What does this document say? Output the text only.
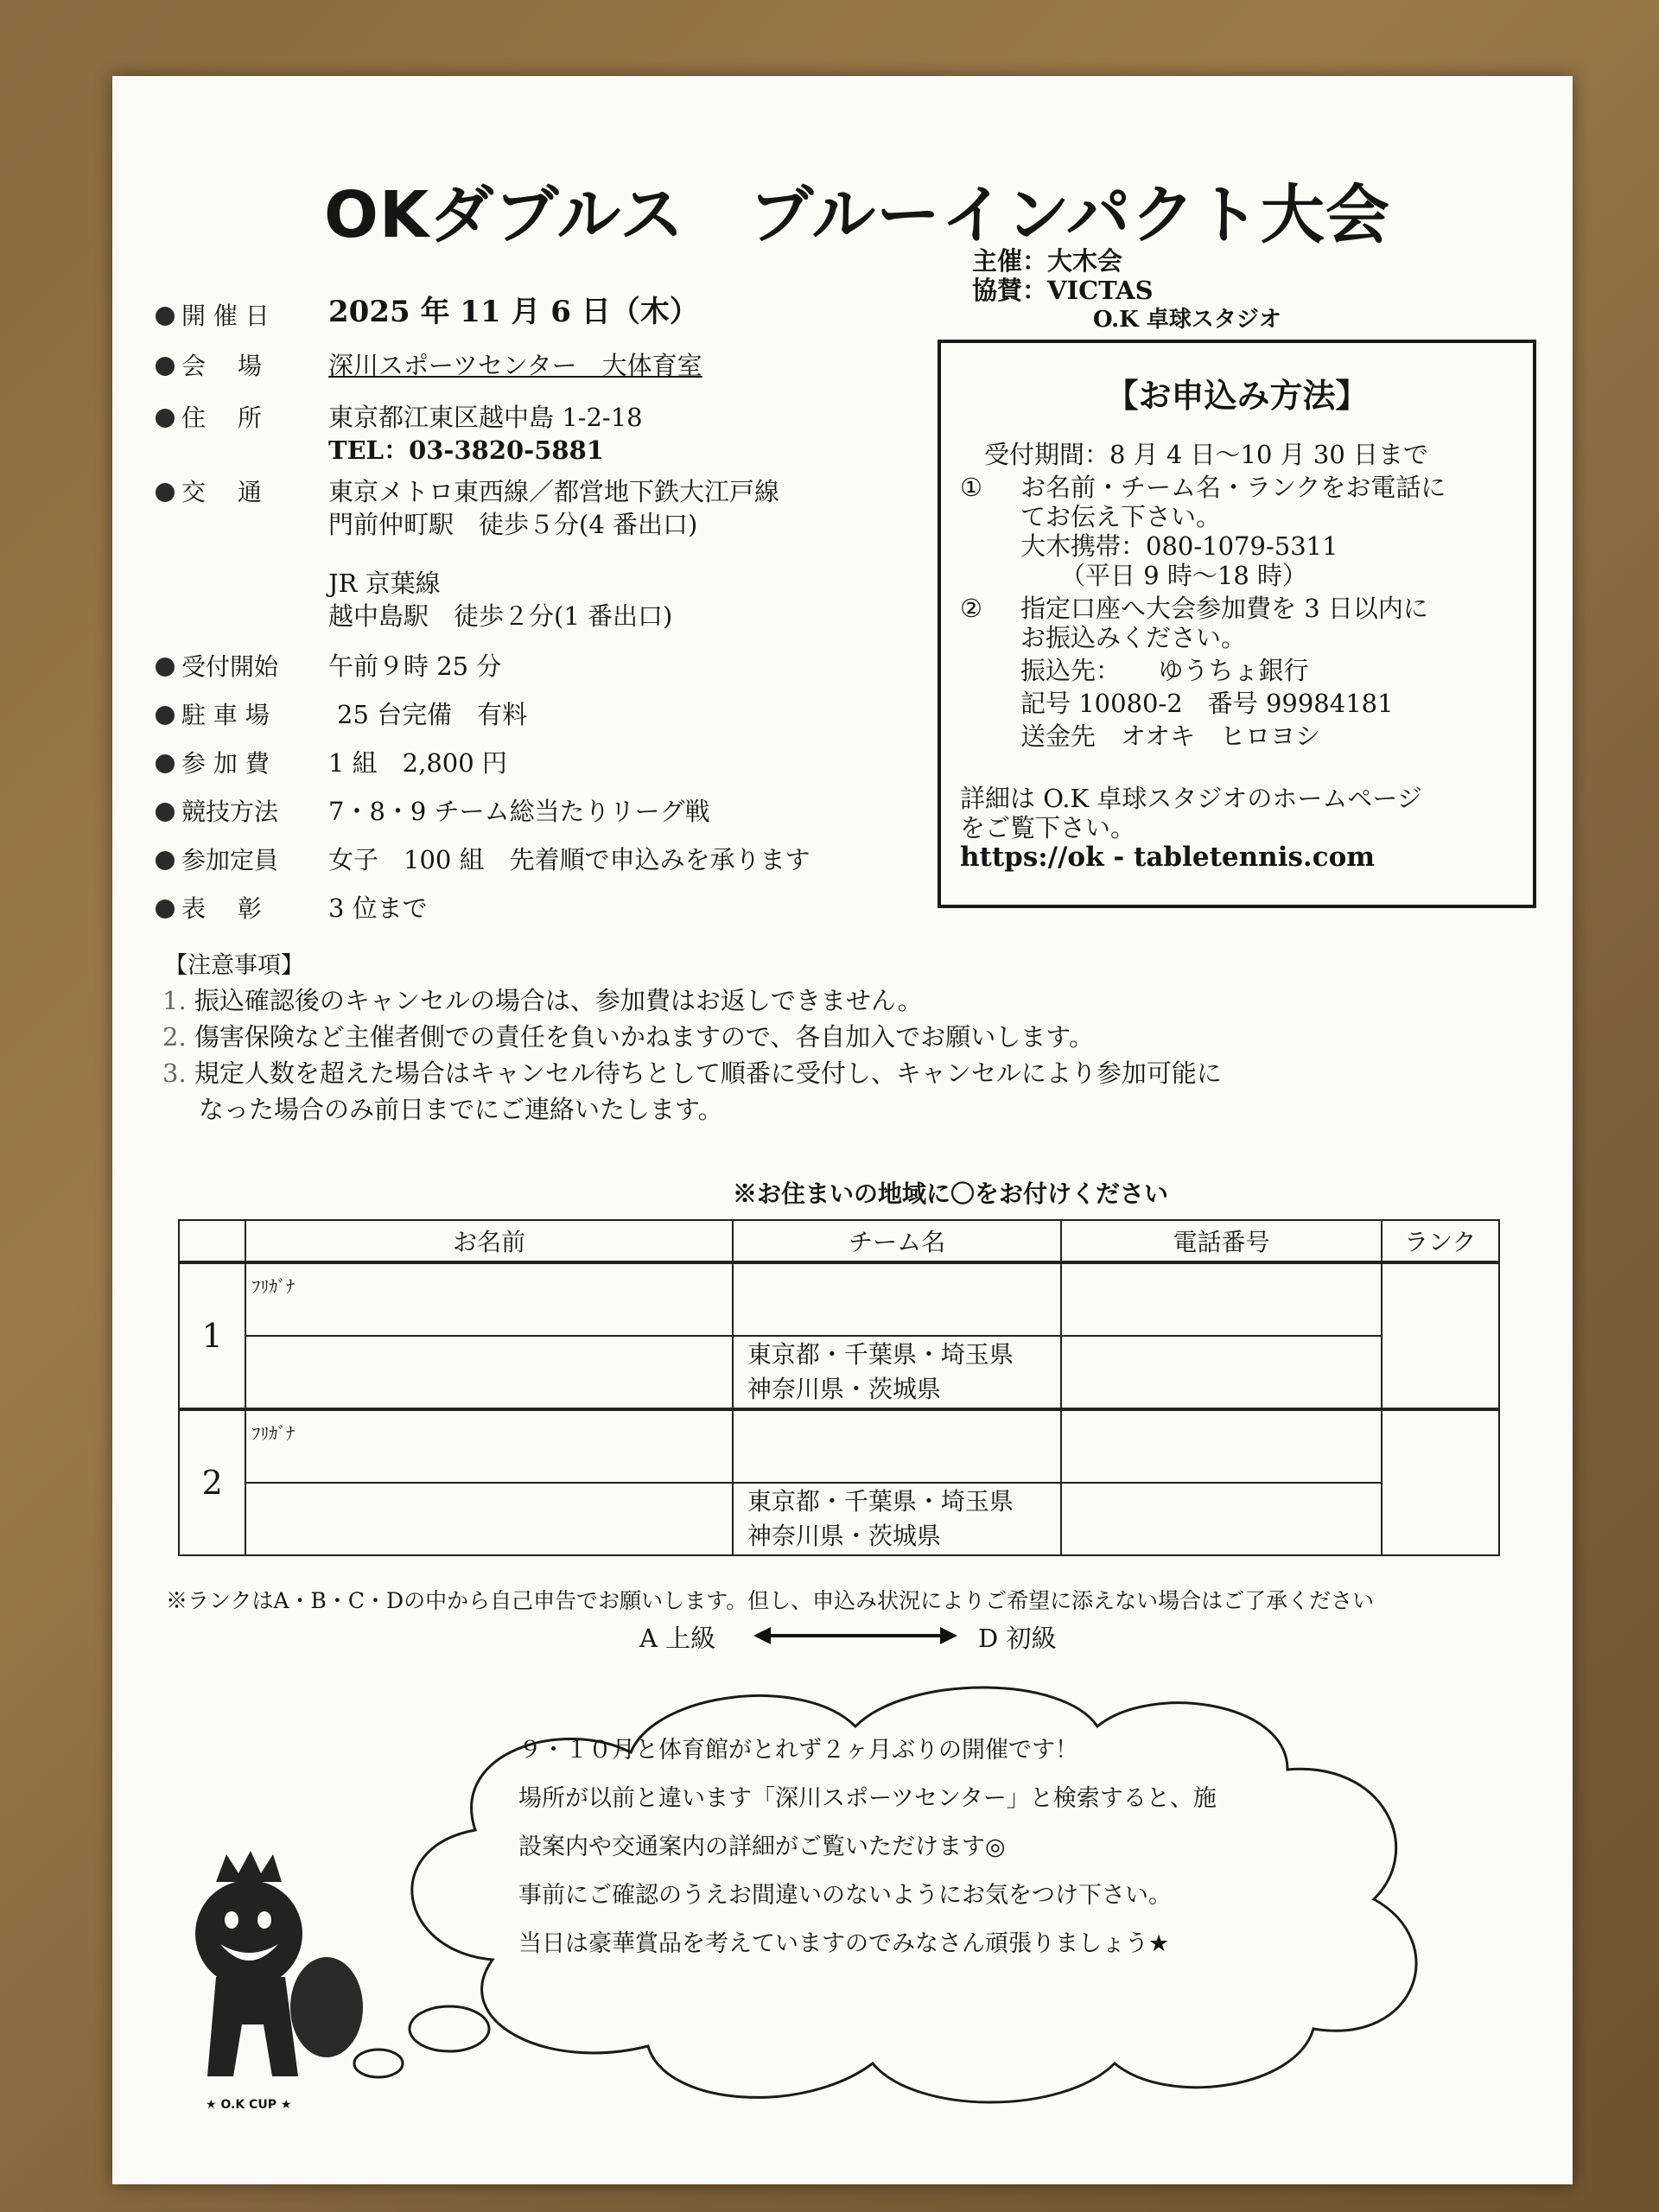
OKダブルス　ブルーインパクト大会
主催：大木会
協賛：VICTAS
O.K 卓球スタジオ
開 催 日 2025 年 11 月 6 日（木）
会　 場	深川スポーツセンター　大体育室
住　 所	東京都江東区越中島 1-2-18
TEL：03-3820-5881
交　 通	東京メトロ東西線／都営地下鉄大江戸線
門前仲町駅　徒歩５分(4 番出口)
JR 京葉線
越中島駅　徒歩２分(1 番出口)
受付開始 午前９時 25 分
駐 車 場	25 台完備　有料
参 加 費 1 組　2,800 円
競技方法 7・8・9 チーム総当たりリーグ戦
参加定員 女子　100 組　先着順で申込みを承ります
表　 彰	3 位まで
【お申込み方法】
受付期間：8 月 4 日～10 月 30 日まで
① お名前・チーム名・ランクをお電話に
てお伝え下さい。
大木携帯：080-1079-5311
（平日 9 時～18 時）
② 指定口座へ大会参加費を 3 日以内に
お振込みください。
振込先：　　ゆうちょ銀行
記号 10080-2　番号 99984181
送金先　オオキ　ヒロヨシ
詳細は O.K 卓球スタジオのホームページ
をご覧下さい。
https://ok - tabletennis.com
【注意事項】
1. 振込確認後のキャンセルの場合は、参加費はお返しできません。
2. 傷害保険など主催者側での責任を負いかねますので、各自加入でお願いします。
3. 規定人数を超えた場合はキャンセル待ちとして順番に受付し、キャンセルにより参加可能に
なった場合のみ前日までにご連絡いたします。
※お住まいの地域に〇をお付けください
	お名前	チーム名	電話番号	ランク
1	ﾌﾘｶﾞﾅ			
		東京都・千葉県・埼玉県
神奈川県・茨城県		
2	ﾌﾘｶﾞﾅ			
		東京都・千葉県・埼玉県
神奈川県・茨城県		
※ランクはA・B・C・Dの中から自己申告でお願いします。但し、申込み状況によりご希望に添えない場合はご了承ください
A 上級	D 初級
９・１０月と体育館がとれず２ヶ月ぶりの開催です！
場所が以前と違います「深川スポーツセンター」と検索すると、施
設案内や交通案内の詳細がご覧いただけます◎
事前にご確認のうえお間違いのないようにお気をつけ下さい。
当日は豪華賞品を考えていますのでみなさん頑張りましょう★
★ O.K CUP ★
